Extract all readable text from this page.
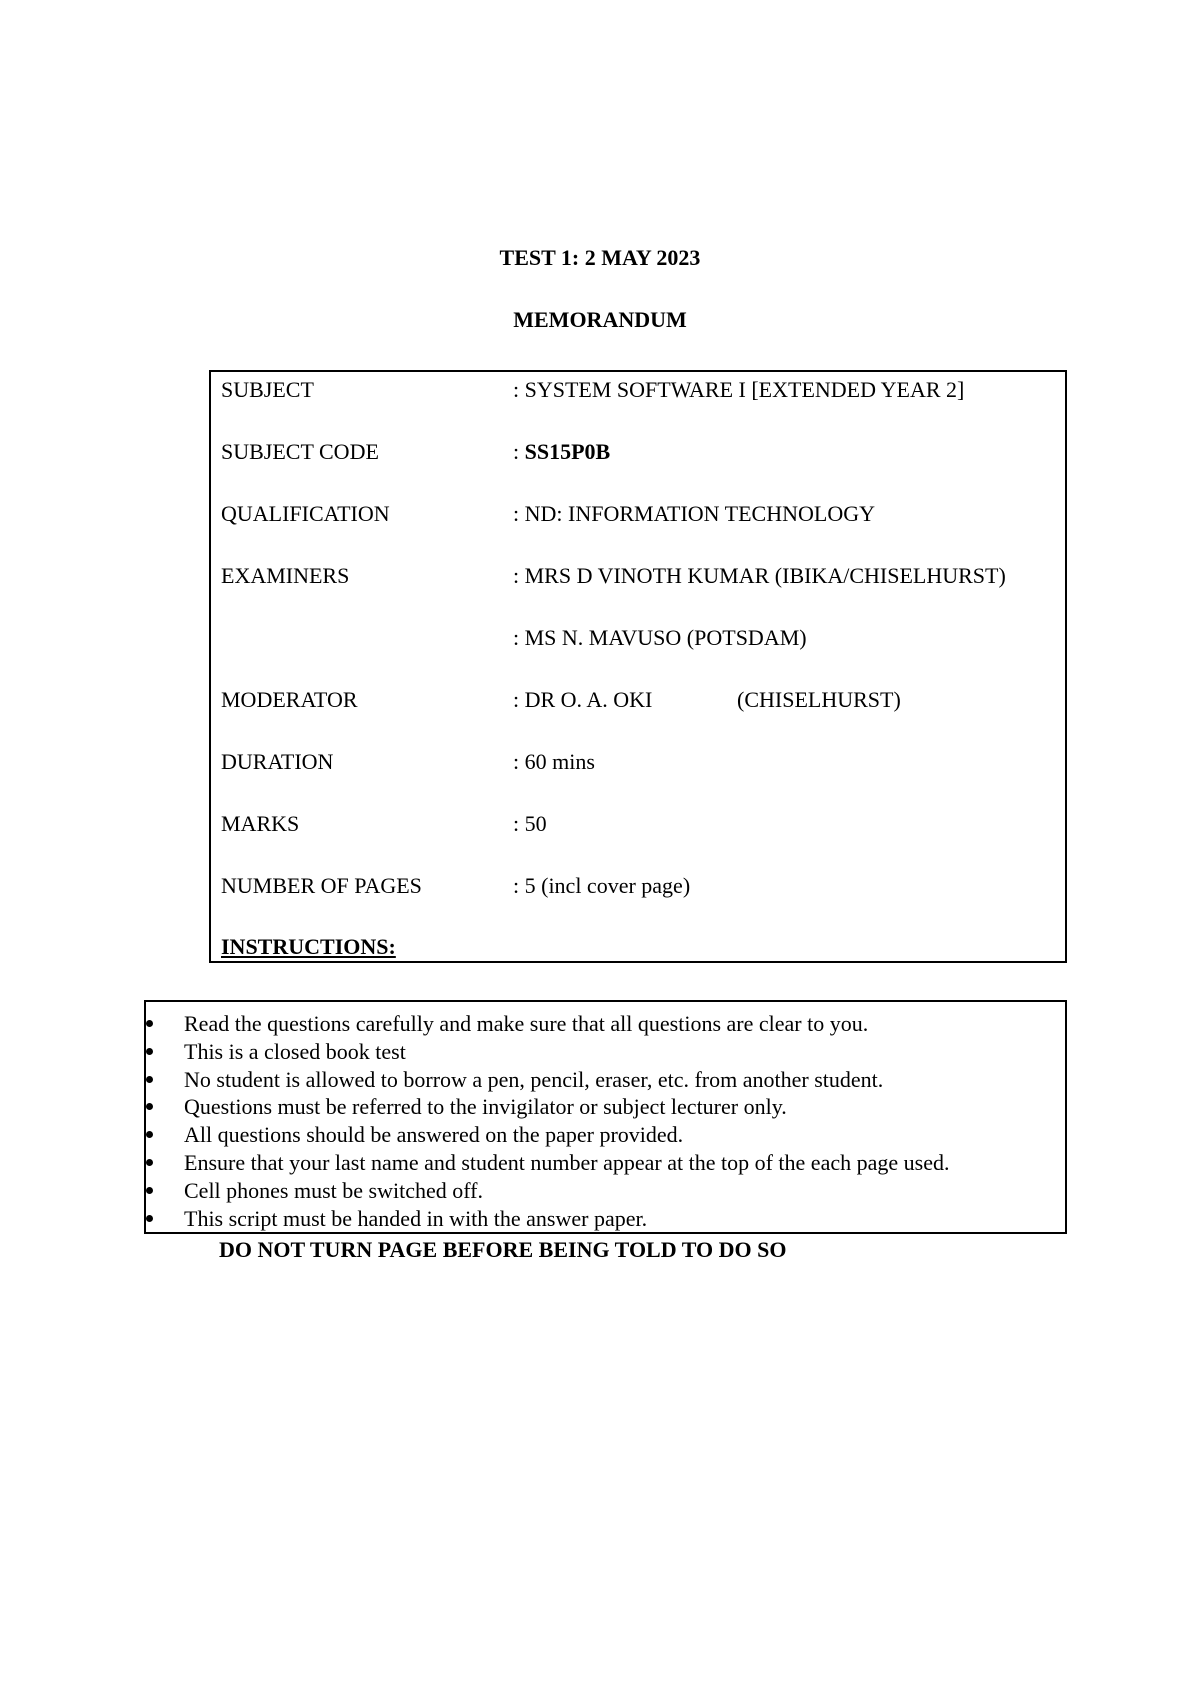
TEST 1: 2 MAY 2023
MEMORANDUM
SUBJECT	: SYSTEM SOFTWARE I [EXTENDED YEAR 2]
SUBJECT CODE	: SS15P0B
QUALIFICATION	: ND: INFORMATION TECHNOLOGY
EXAMINERS	: MRS D VINOTH KUMAR (IBIKA/CHISELHURST)
: MS N. MAVUSO (POTSDAM)
MODERATOR	: DR O. A. OKI	(CHISELHURST)
DURATION	: 60 mins
MARKS	: 50
NUMBER OF PAGES	: 5 (incl cover page)
INSTRUCTIONS:
Read the questions carefully and make sure that all questions are clear to you.
This is a closed book test
No student is allowed to borrow a pen, pencil, eraser, etc. from another student.
Questions must be referred to the invigilator or subject lecturer only.
All questions should be answered on the paper provided.
Ensure that your last name and student number appear at the top of the each page used.
Cell phones must be switched off.
This script must be handed in with the answer paper.
DO NOT TURN PAGE BEFORE BEING TOLD TO DO SO
